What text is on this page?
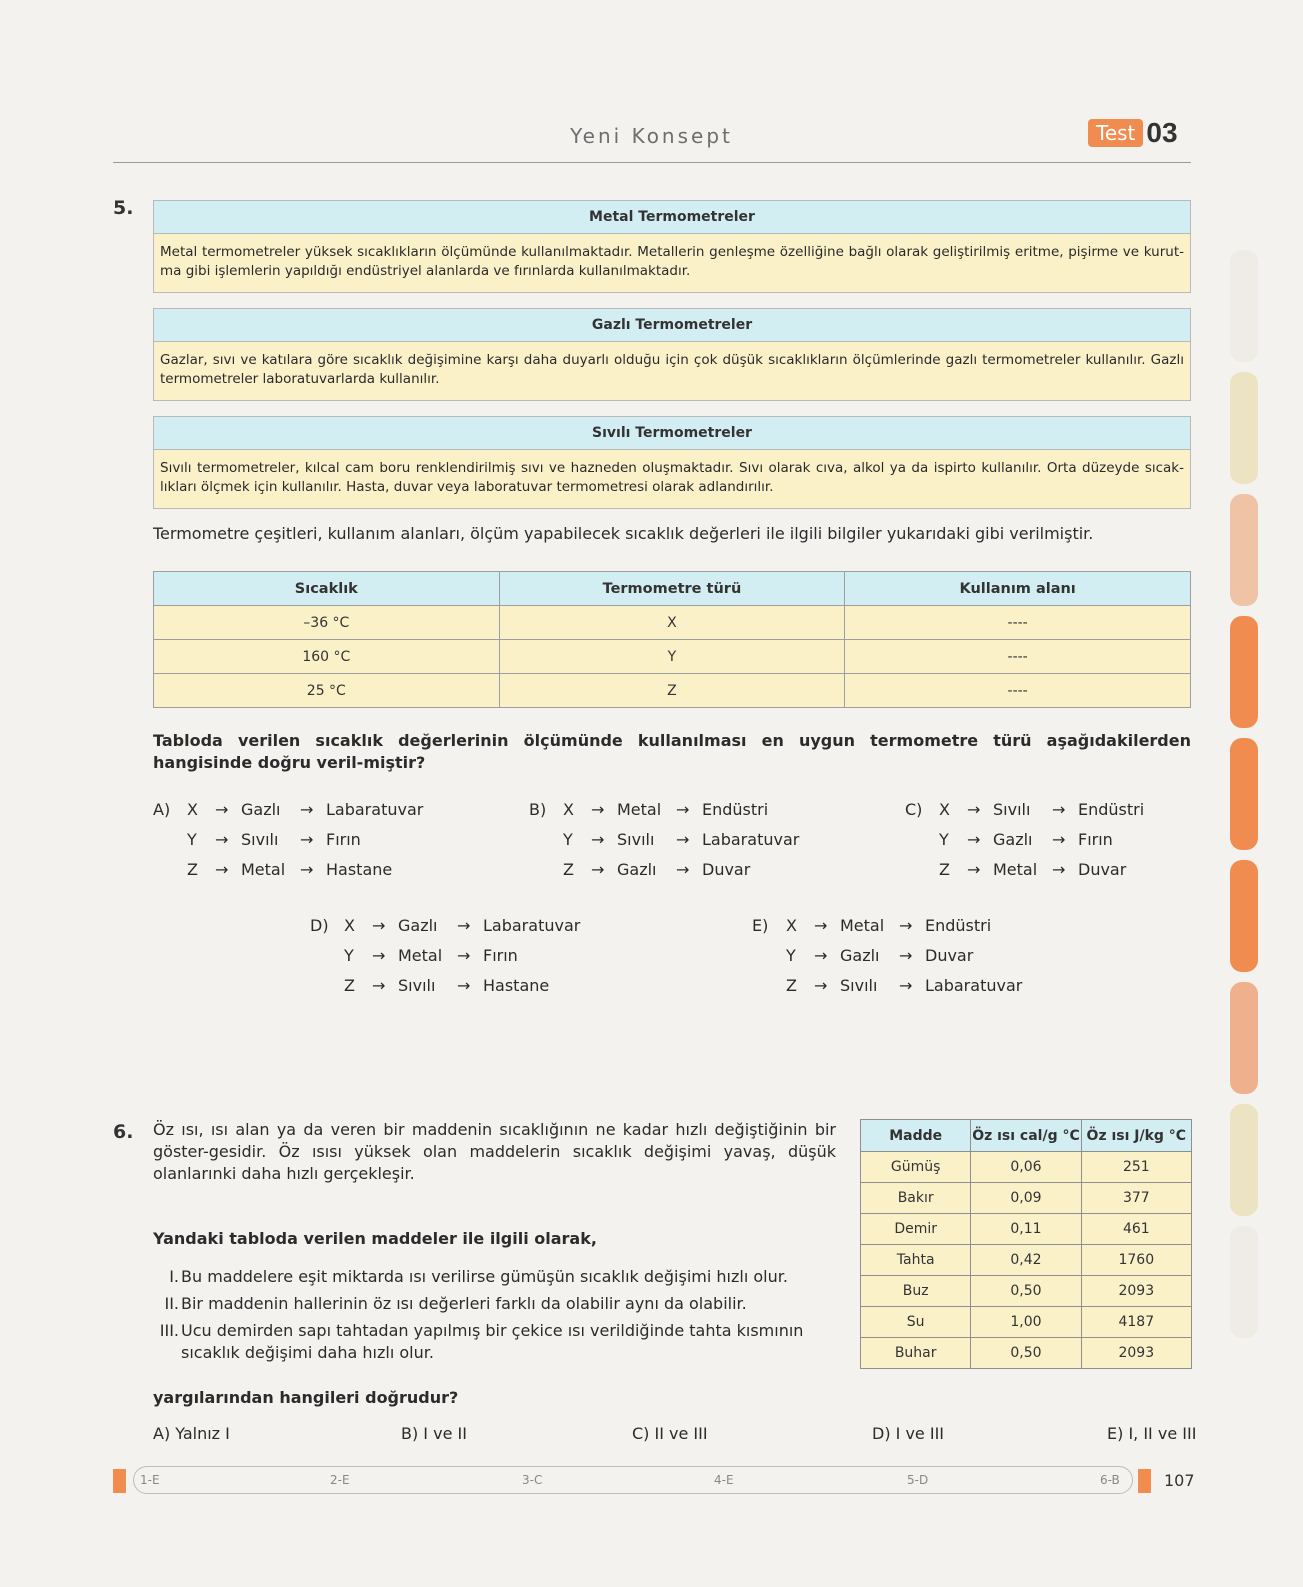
Yeni Konsept	Test 03
5.	Metal Termometreler
Metal termometreler yüksek sıcaklıkların ölçümünde kullanılmaktadır. Metallerin genleşme özelliğine bağlı olarak geliştirilmiş eritme, pişirme ve kurut-ma gibi işlemlerin yapıldığı endüstriyel alanlarda ve fırınlarda kullanılmaktadır.
Gazlı Termometreler
Gazlar, sıvı ve katılara göre sıcaklık değişimine karşı daha duyarlı olduğu için çok düşük sıcaklıkların ölçümlerinde gazlı termometreler kullanılır. Gazlı termometreler laboratuvarlarda kullanılır.
Sıvılı Termometreler
Sıvılı termometreler, kılcal cam boru renklendirilmiş sıvı ve hazneden oluşmaktadır. Sıvı olarak cıva, alkol ya da ispirto kullanılır. Orta düzeyde sıcak-lıkları ölçmek için kullanılır. Hasta, duvar veya laboratuvar termometresi olarak adlandırılır.
Termometre çeşitleri, kullanım alanları, ölçüm yapabilecek sıcaklık değerleri ile ilgili bilgiler yukarıdaki gibi verilmiştir.
Sıcaklık	Termometre türü	Kullanım alanı
–36 °C	X	----
160 °C	Y	----
25 °C	Z	----
Tabloda verilen sıcaklık değerlerinin ölçümünde kullanılması en uygun termometre türü aşağıdakilerden hangisinde doğru veril-miştir?
A) X → Gazlı → Labaratuvar
Y → Sıvılı → Fırın
Z → Metal → Hastane
B) X → Metal → Endüstri
Y → Sıvılı → Labaratuvar
Z → Gazlı → Duvar
C) X → Sıvılı → Endüstri
Y → Gazlı → Fırın
Z → Metal → Duvar
D) X → Gazlı → Labaratuvar
Y → Metal → Fırın
Z → Sıvılı → Hastane
E) X → Metal → Endüstri
Y → Gazlı → Duvar
Z → Sıvılı → Labaratuvar
6. Öz ısı, ısı alan ya da veren bir maddenin sıcaklığının ne kadar hızlı değiştiğinin bir göster-gesidir. Öz ısısı yüksek olan maddelerin sıcaklık değişimi yavaş, düşük olanlarınki daha hızlı gerçekleşir.
Yandaki tabloda verilen maddeler ile ilgili olarak,
I. Bu maddelere eşit miktarda ısı verilirse gümüşün sıcaklık değişimi hızlı olur.
II. Bir maddenin hallerinin öz ısı değerleri farklı da olabilir aynı da olabilir.
III. Ucu demirden sapı tahtadan yapılmış bir çekice ısı verildiğinde tahta kısmının sıcaklık değişimi daha hızlı olur.
yargılarından hangileri doğrudur?
A) Yalnız I	B) I ve II	C) II ve III	D) I ve III	E) I, II ve III
Madde	Öz ısı cal/g °C	Öz ısı J/kg °C
Gümüş	0,06	251
Bakır	0,09	377
Demir	0,11	461
Tahta	0,42	1760
Buz	0,50	2093
Su	1,00	4187
Buhar	0,50	2093
1-E	2-E	3-C	4-E	5-D	6-B	107
